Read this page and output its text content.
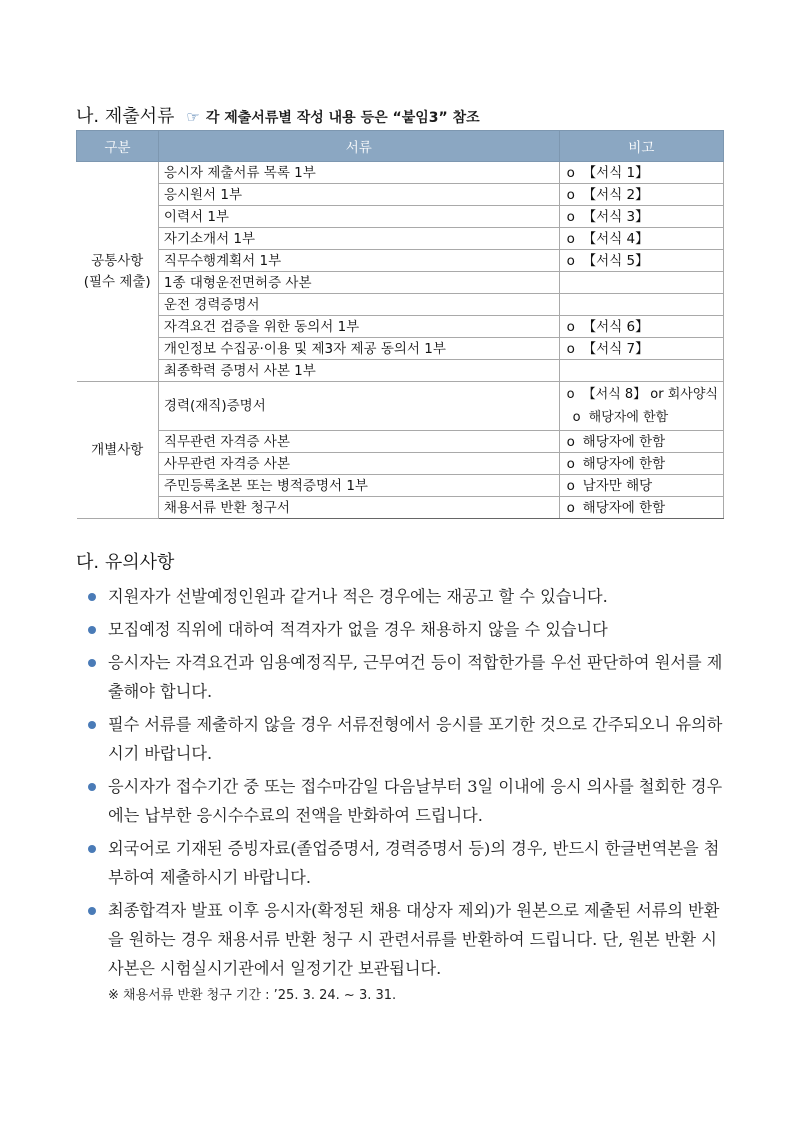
나. 제출서류 ☞ 각 제출서류별 작성 내용 등은 “붙임3” 참조
구분	서류	비고
공통사항
(필수 제출)	응시자 제출서류 목록 1부	o 【서식 1】
	응시원서 1부	o 【서식 2】
	이력서 1부	o 【서식 3】
	자기소개서 1부	o 【서식 4】
	직무수행계획서 1부	o 【서식 5】
	1종 대형운전면허증 사본	
	운전 경력증명서	
	자격요건 검증을 위한 동의서 1부	o 【서식 6】
	개인정보 수집공·이용 및 제3자 제공 동의서 1부	o 【서식 7】
	최종학력 증명서 사본 1부	
개별사항	경력(재직)증명서	o 【서식 8】 or 회사양식
o 해당자에 한함

	직무관련 자격증 사본	o 해당자에 한함
	사무관련 자격증 사본	o 해당자에 한함
	주민등록초본 또는 병적증명서 1부	o 남자만 해당
	채용서류 반환 청구서	o 해당자에 한함
다. 유의사항
지원자가 선발예정인원과 같거나 적은 경우에는 재공고 할 수 있습니다.
모집예정 직위에 대하여 적격자가 없을 경우 채용하지 않을 수 있습니다
응시자는 자격요건과 임용예정직무, 근무여건 등이 적합한가를 우선 판단하여 원서를 제출해야 합니다.
필수 서류를 제출하지 않을 경우 서류전형에서 응시를 포기한 것으로 간주되오니 유의하시기 바랍니다.
응시자가 접수기간 중 또는 접수마감일 다음날부터 3일 이내에 응시 의사를 철회한 경우에는 납부한 응시수수료의 전액을 반화하여 드립니다.
외국어로 기재된 증빙자료(졸업증명서, 경력증명서 등)의 경우, 반드시 한글번역본을 첨부하여 제출하시기 바랍니다.
최종합격자 발표 이후 응시자(확정된 채용 대상자 제외)가 원본으로 제출된 서류의 반환을 원하는 경우 채용서류 반환 청구 시 관련서류를 반환하여 드립니다. 단, 원본 반환 시 사본은 시험실시기관에서 일정기간 보관됩니다.
※ 채용서류 반환 청구 기간 : ’25. 3. 24. ~ 3. 31.
